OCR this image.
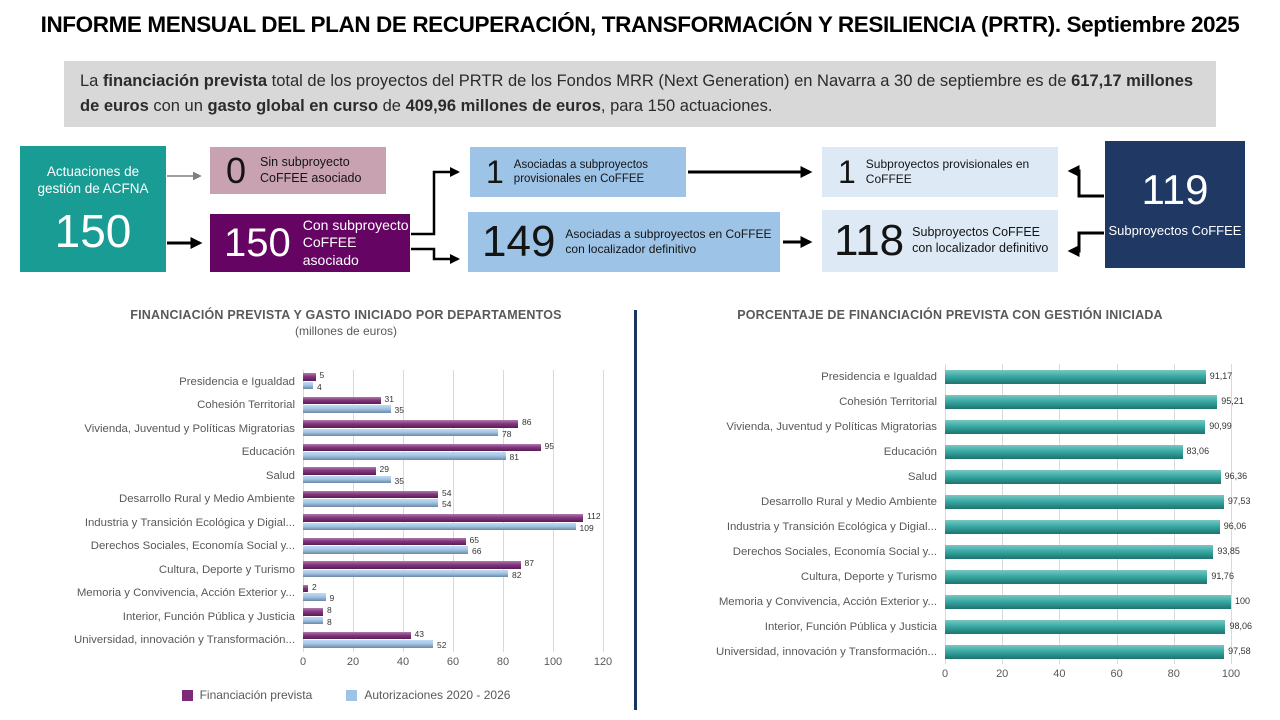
INFORME MENSUAL DEL PLAN DE RECUPERACIÓN, TRANSFORMACIÓN Y RESILIENCIA (PRTR). Septiembre 2025
La financiación prevista total de los proyectos del PRTR de los Fondos MRR (Next Generation) en Navarra a 30 de septiembre es de 617,17 millones de euros con un gasto global en curso de 409,96 millones de euros, para 150 actuaciones.
Actuaciones de gestión de ACFNA
150
0 Sin subproyecto CoFFEE asociado
150 Con subproyecto CoFFEE asociado
1 Asociadas a subproyectos provisionales en CoFFEE
149 Asociadas a subproyectos en CoFFEE con localizador definitivo
1 Subproyectos provisionales en CoFFEE
118 Subproyectos CoFFEE con localizador definitivo
119
Subproyectos CoFFEE
FINANCIACIÓN PREVISTA Y GASTO INICIADO POR DEPARTAMENTOS
(millones de euros)
Presidencia e Igualdad
5
4
Cohesión Territorial
31
35
Vivienda, Juventud y Políticas Migratorias
86
78
Educación
95
81
Salud
29
35
Desarrollo Rural y Medio Ambiente
54
54
Industria y Transición Ecológica y Digial...
112
109
Derechos Sociales, Economía Social y...
65
66
Cultura, Deporte y Turismo
87
82
Memoria y Convivencia, Acción Exterior y...
2
9
Interior, Función Pública y Justicia
8
8
Universidad, innovación y Transformación...
43
52
0	20	40	60	80	100	120
Financiación prevista	Autorizaciones 2020 - 2026
PORCENTAJE DE FINANCIACIÓN PREVISTA CON GESTIÓN INICIADA
Presidencia e Igualdad	91,17
Cohesión Territorial	95,21
Vivienda, Juventud y Políticas Migratorias	90,99
Educación	83,06
Salud	96,36
Desarrollo Rural y Medio Ambiente	97,53
Industria y Transición Ecológica y Digial...	96,06
Derechos Sociales, Economía Social y...	93,85
Cultura, Deporte y Turismo	91,76
Memoria y Convivencia, Acción Exterior y...	100
Interior, Función Pública y Justicia	98,06
Universidad, innovación y Transformación...	97,58
0	20	40	60	80	100
